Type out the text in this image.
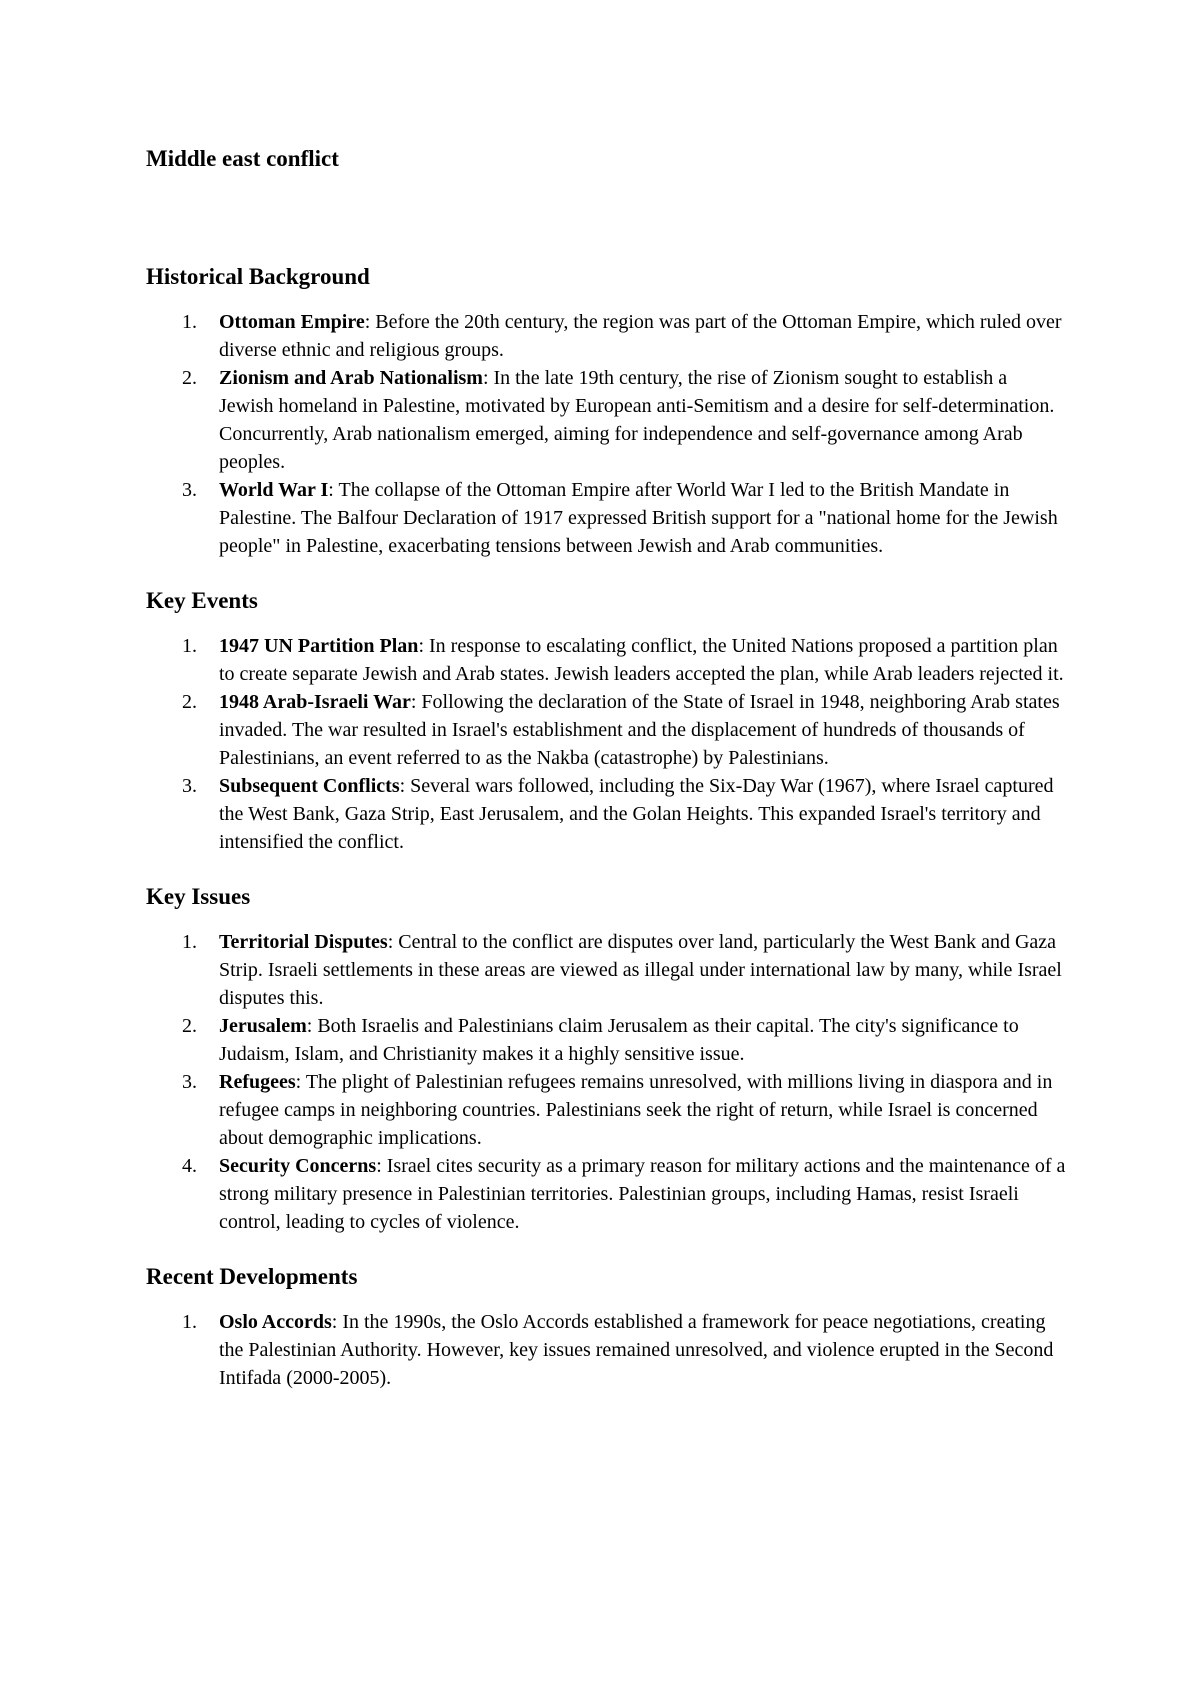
Middle east conflict
Historical Background
1. Ottoman Empire: Before the 20th century, the region was part of the Ottoman Empire, which ruled over diverse ethnic and religious groups.
2. Zionism and Arab Nationalism: In the late 19th century, the rise of Zionism sought to establish a Jewish homeland in Palestine, motivated by European anti-Semitism and a desire for self-determination. Concurrently, Arab nationalism emerged, aiming for independence and self-governance among Arab peoples.
3. World War I: The collapse of the Ottoman Empire after World War I led to the British Mandate in Palestine. The Balfour Declaration of 1917 expressed British support for a "national home for the Jewish people" in Palestine, exacerbating tensions between Jewish and Arab communities.
Key Events
1. 1947 UN Partition Plan: In response to escalating conflict, the United Nations proposed a partition plan to create separate Jewish and Arab states. Jewish leaders accepted the plan, while Arab leaders rejected it.
2. 1948 Arab-Israeli War: Following the declaration of the State of Israel in 1948, neighboring Arab states invaded. The war resulted in Israel's establishment and the displacement of hundreds of thousands of Palestinians, an event referred to as the Nakba (catastrophe) by Palestinians.
3. Subsequent Conflicts: Several wars followed, including the Six-Day War (1967), where Israel captured the West Bank, Gaza Strip, East Jerusalem, and the Golan Heights. This expanded Israel's territory and intensified the conflict.
Key Issues
1. Territorial Disputes: Central to the conflict are disputes over land, particularly the West Bank and Gaza Strip. Israeli settlements in these areas are viewed as illegal under international law by many, while Israel disputes this.
2. Jerusalem: Both Israelis and Palestinians claim Jerusalem as their capital. The city's significance to Judaism, Islam, and Christianity makes it a highly sensitive issue.
3. Refugees: The plight of Palestinian refugees remains unresolved, with millions living in diaspora and in refugee camps in neighboring countries. Palestinians seek the right of return, while Israel is concerned about demographic implications.
4. Security Concerns: Israel cites security as a primary reason for military actions and the maintenance of a strong military presence in Palestinian territories. Palestinian groups, including Hamas, resist Israeli control, leading to cycles of violence.
Recent Developments
1. Oslo Accords: In the 1990s, the Oslo Accords established a framework for peace negotiations, creating the Palestinian Authority. However, key issues remained unresolved, and violence erupted in the Second Intifada (2000-2005).
